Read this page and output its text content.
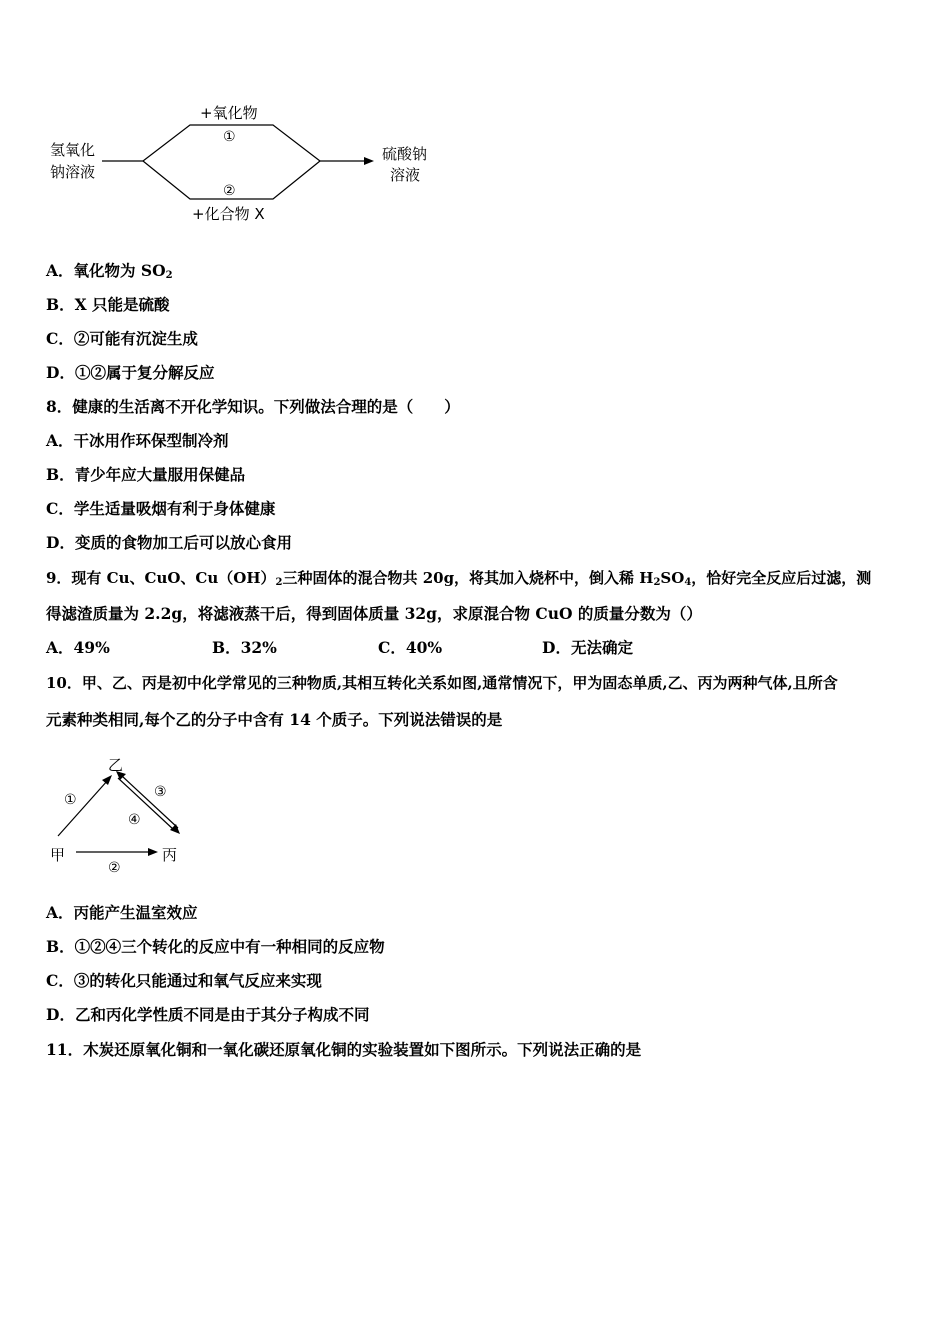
氢氧化
钠溶液
+氧化物
①
②
+化合物 X
硫酸钠
溶液
A．氧化物为 $SO_2$
B．X 只能是硫酸
C．②可能有沉淀生成
D．①②属于复分解反应
8．健康的生活离不开化学知识。下列做法合理的是（　　）
A．干冰用作环保型制冷剂
B．青少年应大量服用保健品
C．学生适量吸烟有利于身体健康
D．变质的食物加工后可以放心食用
9．现有 Cu、CuO、$Cu(OH)_2$三种固体的混合物共 20g，将其加入烧杯中，倒入稀 $H_2SO_4$，恰好完全反应后过滤，测
得滤渣质量为 2.2g，将滤液蒸干后，得到固体质量 32g，求原混合物 CuO 的质量分数为（）
A．49%	B．32%	C．40%	D．无法确定
10．甲、乙、丙是初中化学常见的三种物质,其相互转化关系如图,通常情况下，甲为固态单质,乙、丙为两种气体,且所含
元素种类相同,每个乙的分子中含有 14 个质子。下列说法错误的是
乙
甲	丙
①	③
④
②
A．丙能产生温室效应
B．①②④三个转化的反应中有一种相同的反应物
C．③的转化只能通过和氧气反应来实现
D．乙和丙化学性质不同是由于其分子构成不同
11．木炭还原氧化铜和一氧化碳还原氧化铜的实验装置如下图所示。下列说法正确的是
